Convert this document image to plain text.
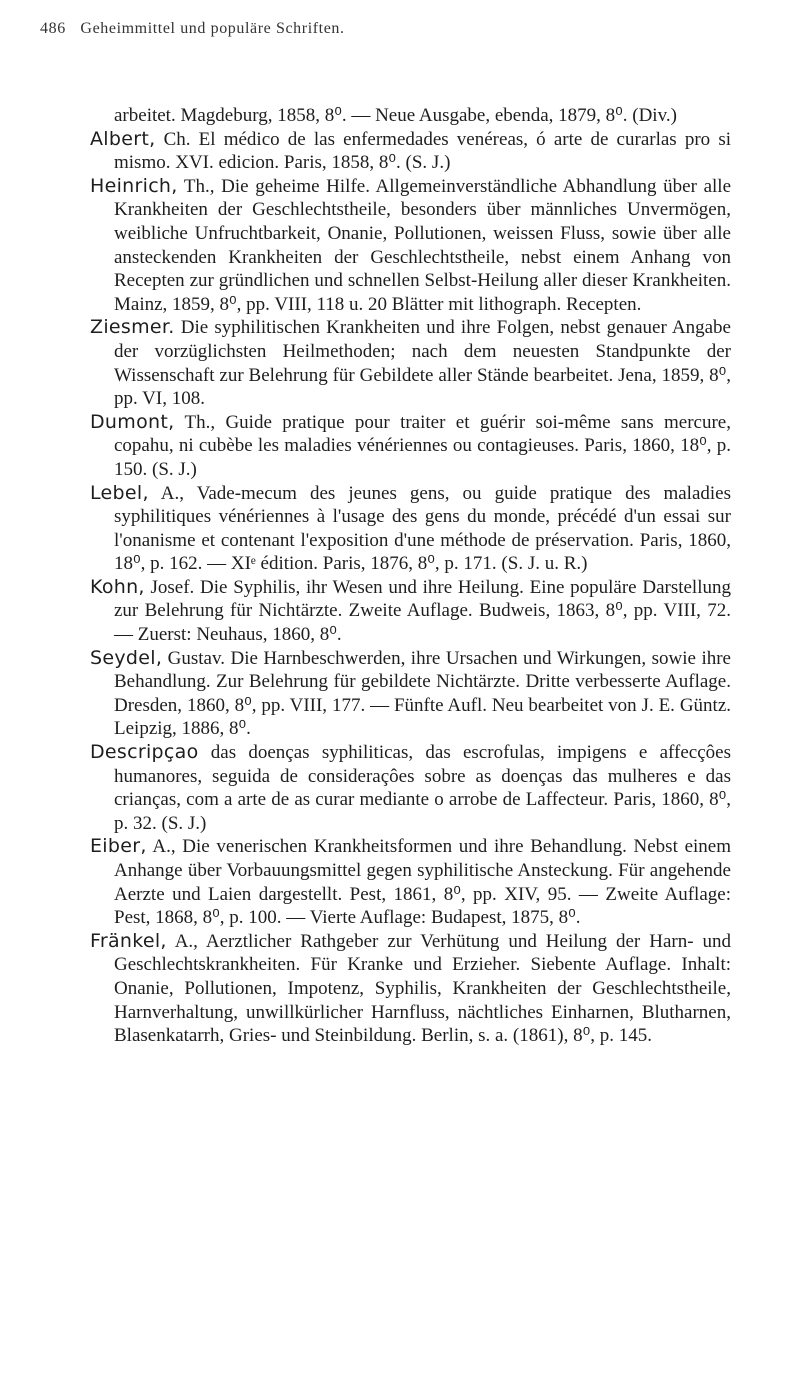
486 Geheimmittel und populäre Schriften.

arbeitet. Magdeburg, 1858, 8⁰. — Neue Ausgabe, ebenda, 1879, 8⁰. (Div.)

Albert, Ch. El médico de las enfermedades venéreas, ó arte de curarlas pro si mismo. XVI. edicion. Paris, 1858, 8⁰. (S. J.)

Heinrich, Th., Die geheime Hilfe. Allgemeinverständliche Abhandlung über alle Krankheiten der Geschlechtstheile, besonders über männliches Unvermögen, weibliche Unfruchtbarkeit, Onanie, Pollutionen, weissen Fluss, sowie über alle ansteckenden Krankheiten der Geschlechtstheile, nebst einem Anhang von Recepten zur gründlichen und schnellen Selbst-Heilung aller dieser Krankheiten. Mainz, 1859, 8⁰, pp. VIII, 118 u. 20 Blätter mit lithograph. Recepten.

Ziesmer. Die syphilitischen Krankheiten und ihre Folgen, nebst genauer Angabe der vorzüglichsten Heilmethoden; nach dem neuesten Standpunkte der Wissenschaft zur Belehrung für Gebildete aller Stände bearbeitet. Jena, 1859, 8⁰, pp. VI, 108.

Dumont, Th., Guide pratique pour traiter et guérir soi-même sans mercure, copahu, ni cubèbe les maladies vénériennes ou contagieuses. Paris, 1860, 18⁰, p. 150. (S. J.)

Lebel, A., Vade-mecum des jeunes gens, ou guide pratique des maladies syphilitiques vénériennes à l'usage des gens du monde, précédé d'un essai sur l'onanisme et contenant l'exposition d'une méthode de préservation. Paris, 1860, 18⁰, p. 162. — XIᵉ édition. Paris, 1876, 8⁰, p. 171. (S. J. u. R.)

Kohn, Josef. Die Syphilis, ihr Wesen und ihre Heilung. Eine populäre Darstellung zur Belehrung für Nichtärzte. Zweite Auflage. Budweis, 1863, 8⁰, pp. VIII, 72. — Zuerst: Neuhaus, 1860, 8⁰.

Seydel, Gustav. Die Harnbeschwerden, ihre Ursachen und Wirkungen, sowie ihre Behandlung. Zur Belehrung für gebildete Nichtärzte. Dritte verbesserte Auflage. Dresden, 1860, 8⁰, pp. VIII, 177. — Fünfte Aufl. Neu bearbeitet von J. E. Güntz. Leipzig, 1886, 8⁰.

Descripçao das doenças syphiliticas, das escrofulas, impigens e affecçôes humanores, seguida de consideraçôes sobre as doenças das mulheres e das crianças, com a arte de as curar mediante o arrobe de Laffecteur. Paris, 1860, 8⁰, p. 32. (S. J.)

Eiber, A., Die venerischen Krankheitsformen und ihre Behandlung. Nebst einem Anhange über Vorbauungsmittel gegen syphilitische Ansteckung. Für angehende Aerzte und Laien dargestellt. Pest, 1861, 8⁰, pp. XIV, 95. — Zweite Auflage: Pest, 1868, 8⁰, p. 100. — Vierte Auflage: Budapest, 1875, 8⁰.

Fränkel, A., Aerztlicher Rathgeber zur Verhütung und Heilung der Harn- und Geschlechtskrankheiten. Für Kranke und Erzieher. Siebente Auflage. Inhalt: Onanie, Pollutionen, Impotenz, Syphilis, Krankheiten der Geschlechtstheile, Harnverhaltung, unwillkürlicher Harnfluss, nächtliches Einharnen, Blutharnen, Blasenkatarrh, Gries- und Steinbildung. Berlin, s. a. (1861), 8⁰, p. 145.
